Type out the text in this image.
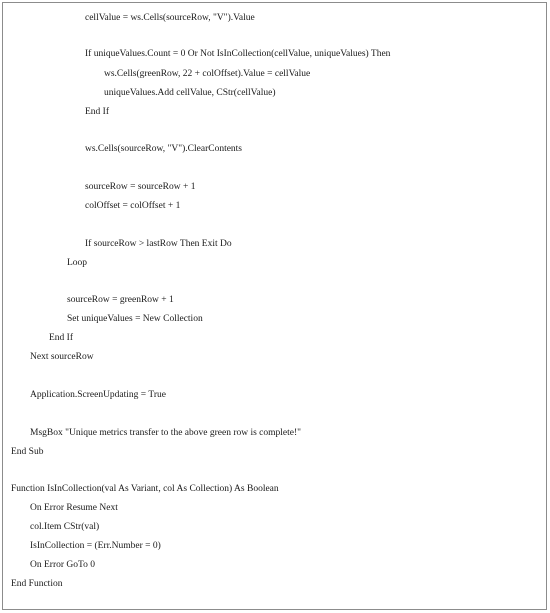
cellValue = ws.Cells(sourceRow, "V").Value
If uniqueValues.Count = 0 Or Not IsInCollection(cellValue, uniqueValues) Then
ws.Cells(greenRow, 22 + colOffset).Value = cellValue
uniqueValues.Add cellValue, CStr(cellValue)
End If
ws.Cells(sourceRow, "V").ClearContents
sourceRow = sourceRow + 1
colOffset = colOffset + 1
If sourceRow > lastRow Then Exit Do
Loop
sourceRow = greenRow + 1
Set uniqueValues = New Collection
End If
Next sourceRow
Application.ScreenUpdating = True
MsgBox "Unique metrics transfer to the above green row is complete!"
End Sub
Function IsInCollection(val As Variant, col As Collection) As Boolean
On Error Resume Next
col.Item CStr(val)
IsInCollection = (Err.Number = 0)
On Error GoTo 0
End Function
